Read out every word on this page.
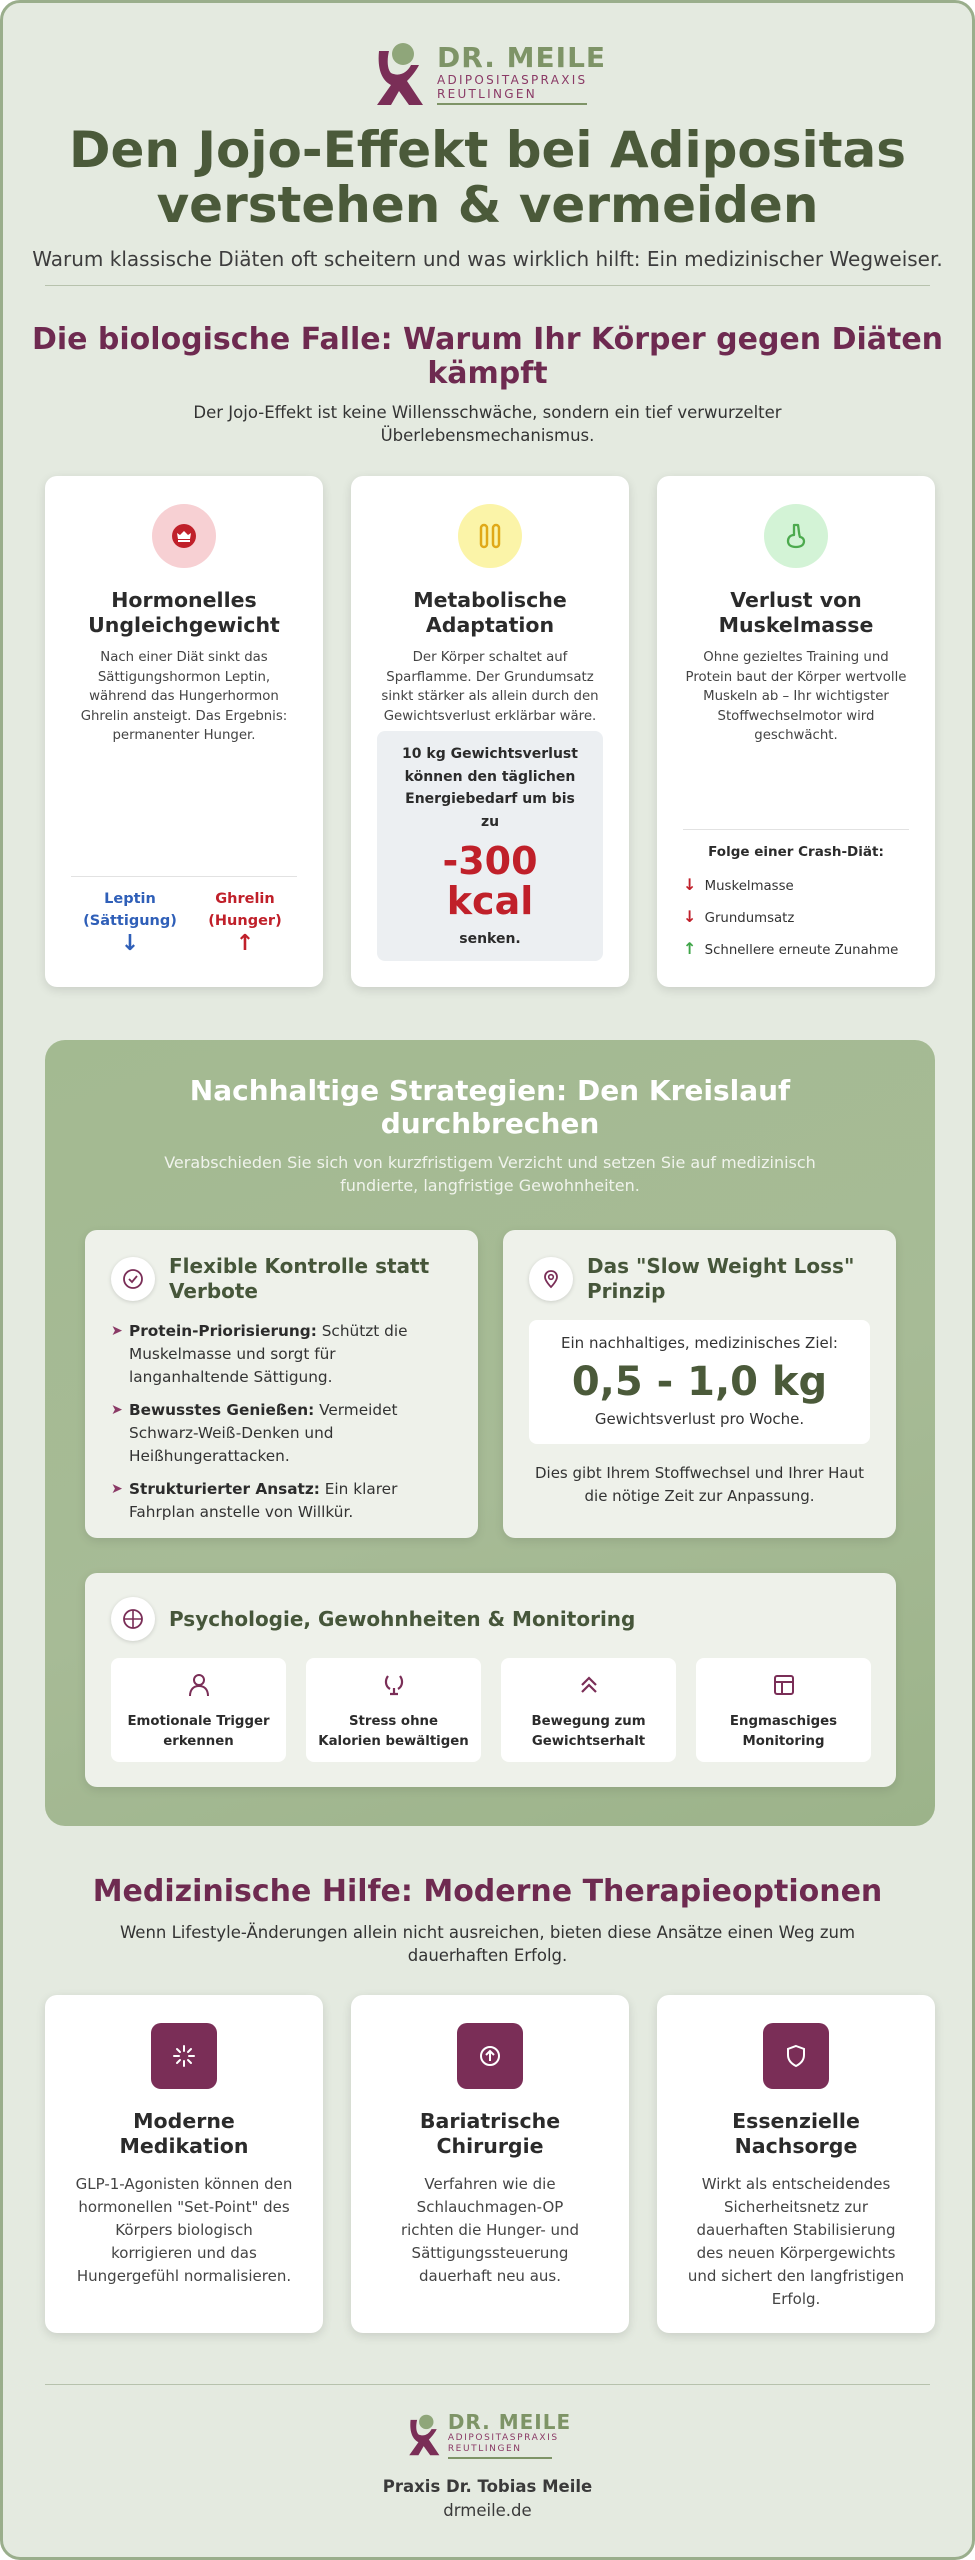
DR. MEILE
ADIPOSITASPRAXIS
REUTLINGEN
Den Jojo-Effekt bei Adipositas
verstehen & vermeiden
Warum klassische Diäten oft scheitern und was wirklich hilft: Ein medizinischer Wegweiser.
Die biologische Falle: Warum Ihr Körper gegen Diäten
kämpft
Der Jojo-Effekt ist keine Willensschwäche, sondern ein tief verwurzelter
Überlebensmechanismus.
Hormonelles
Ungleichgewicht

Nach einer Diät sinkt das Sättigungshormon Leptin, während das Hungerhormon Ghrelin ansteigt. Das Ergebnis: permanenter Hunger.

Leptin
(Sättigung)
↓
Ghrelin
(Hunger)
↑
Metabolische
Adaptation

Der Körper schaltet auf Sparflamme. Der Grundumsatz sinkt stärker als allein durch den Gewichtsverlust erklärbar wäre.

10 kg Gewichtsverlust können den täglichen Energiebedarf um bis zu
-300
kcal
senken.
Verlust von
Muskelmasse

Ohne gezieltes Training und Protein baut der Körper wertvolle Muskeln ab – Ihr wichtigster Stoffwechselmotor wird geschwächt.

Folge einer Crash-Diät:
↓ Muskelmasse
↓ Grundumsatz
↑ Schnellere erneute Zunahme
Nachhaltige Strategien: Den Kreislauf
durchbrechen
Verabschieden Sie sich von kurzfristigem Verzicht und setzen Sie auf medizinisch
fundierte, langfristige Gewohnheiten.
Flexible Kontrolle statt
Verbote
➤ Protein-Priorisierung: Schützt die Muskelmasse und sorgt für langanhaltende Sättigung.
➤ Bewusstes Genießen: Vermeidet Schwarz-Weiß-Denken und Heißhungerattacken.
➤ Strukturierter Ansatz: Ein klarer Fahrplan anstelle von Willkür.
Das "Slow Weight Loss"
Prinzip
Ein nachhaltiges, medizinisches Ziel:
0,5 - 1,0 kg
Gewichtsverlust pro Woche.
Dies gibt Ihrem Stoffwechsel und Ihrer Haut
die nötige Zeit zur Anpassung.
Psychologie, Gewohnheiten & Monitoring
Emotionale Trigger
erkennen
Stress ohne
Kalorien bewältigen
Bewegung zum
Gewichtserhalt
Engmaschiges
Monitoring
Medizinische Hilfe: Moderne Therapieoptionen
Wenn Lifestyle-Änderungen allein nicht ausreichen, bieten diese Ansätze einen Weg zum
dauerhaften Erfolg.
Moderne
Medikation

GLP-1-Agonisten können den hormonellen "Set-Point" des Körpers biologisch korrigieren und das Hungergefühl normalisieren.

Bariatrische
Chirurgie

Verfahren wie die Schlauchmagen-OP richten die Hunger- und Sättigungssteuerung dauerhaft neu aus.

Essenzielle
Nachsorge

Wirkt als entscheidendes Sicherheitsnetz zur dauerhaften Stabilisierung des neuen Körpergewichts und sichert den langfristigen Erfolg.

DR. MEILE
ADIPOSITASPRAXIS
REUTLINGEN
Praxis Dr. Tobias Meile
drmeile.de
